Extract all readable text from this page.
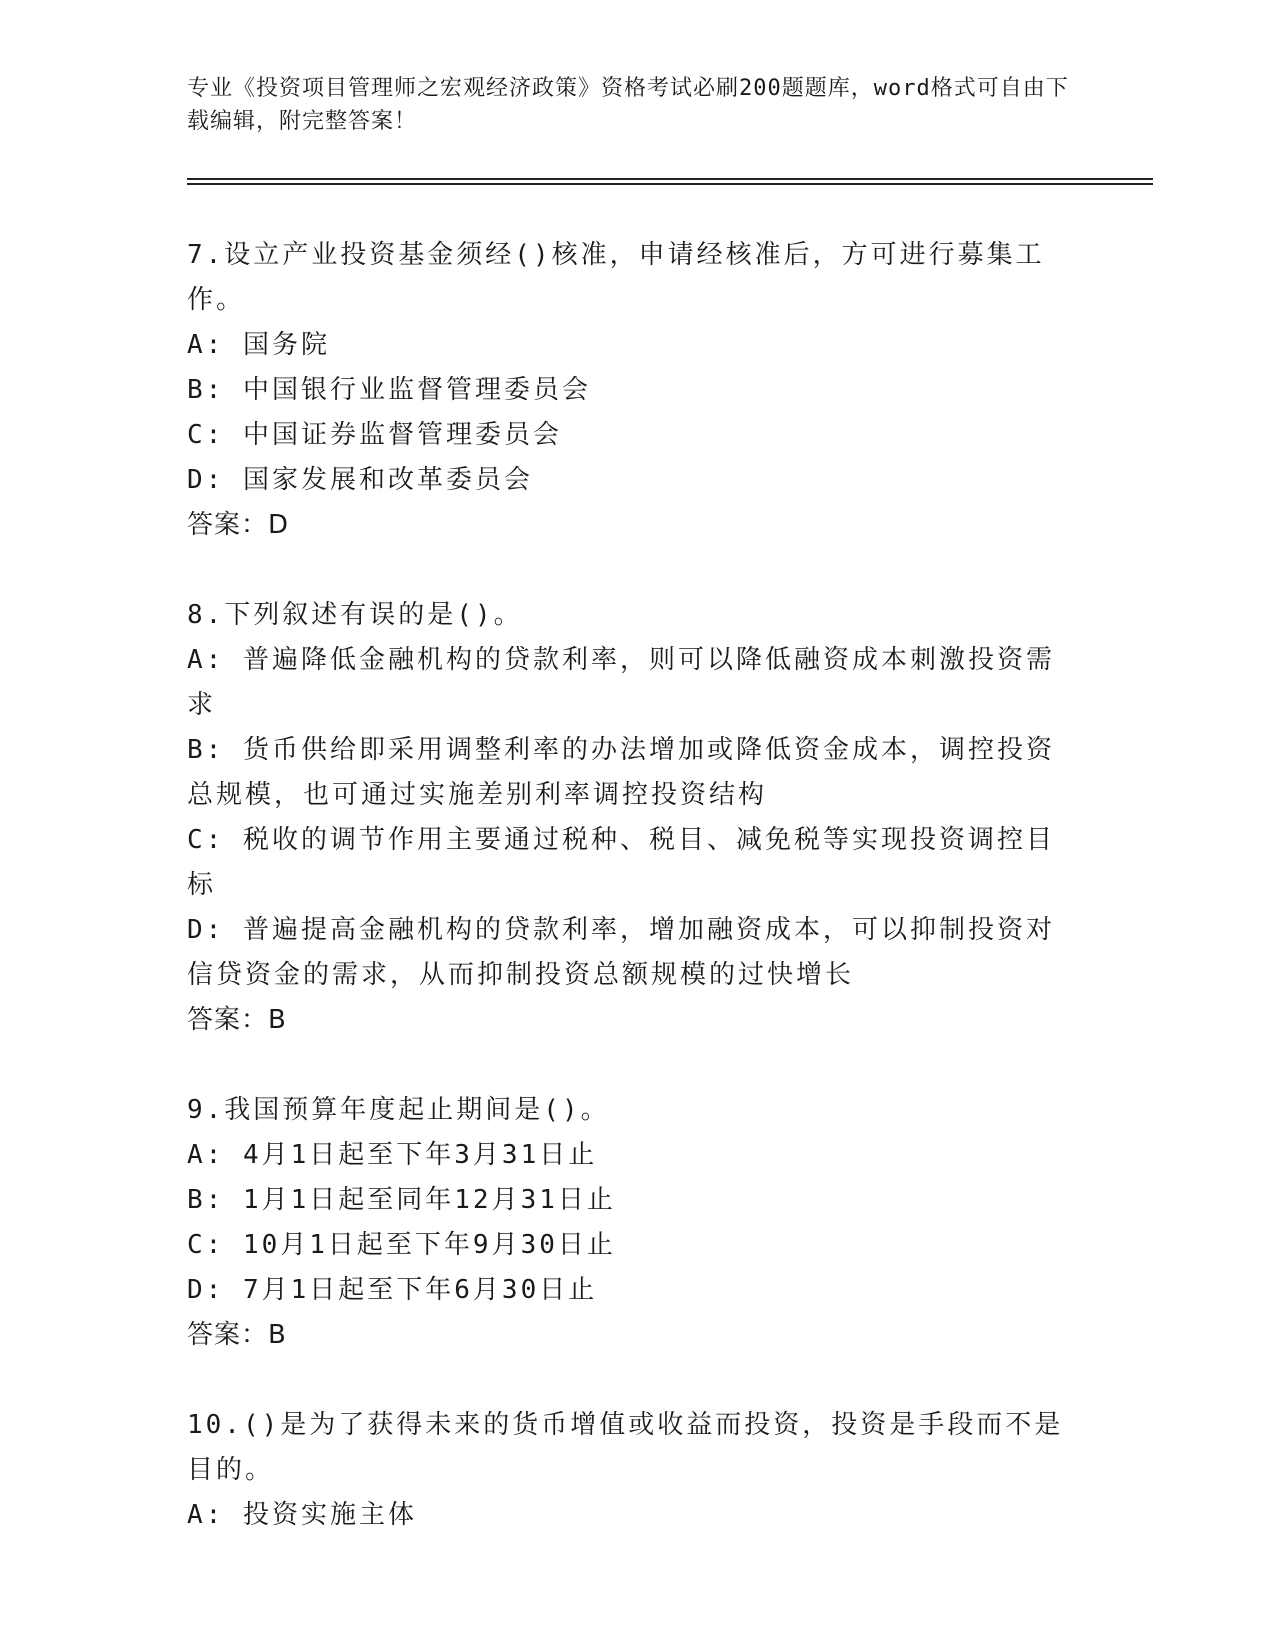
专业《投资项目管理师之宏观经济政策》资格考试必刷200题题库，word格式可自由下载编辑，附完整答案！
7.设立产业投资基金须经()核准，申请经核准后，方可进行募集工作。
A: 国务院
B: 中国银行业监督管理委员会
C: 中国证券监督管理委员会
D: 国家发展和改革委员会
答案：D
8.下列叙述有误的是()。
A: 普遍降低金融机构的贷款利率，则可以降低融资成本刺激投资需求
B: 货币供给即采用调整利率的办法增加或降低资金成本，调控投资总规模，也可通过实施差别利率调控投资结构
C: 税收的调节作用主要通过税种、税目、减免税等实现投资调控目标
D: 普遍提高金融机构的贷款利率，增加融资成本，可以抑制投资对信贷资金的需求，从而抑制投资总额规模的过快增长
答案：B
9.我国预算年度起止期间是()。
A: 4月1日起至下年3月31日止
B: 1月1日起至同年12月31日止
C: 10月1日起至下年9月30日止
D: 7月1日起至下年6月30日止
答案：B
10.()是为了获得未来的货币增值或收益而投资，投资是手段而不是目的。
A: 投资实施主体
